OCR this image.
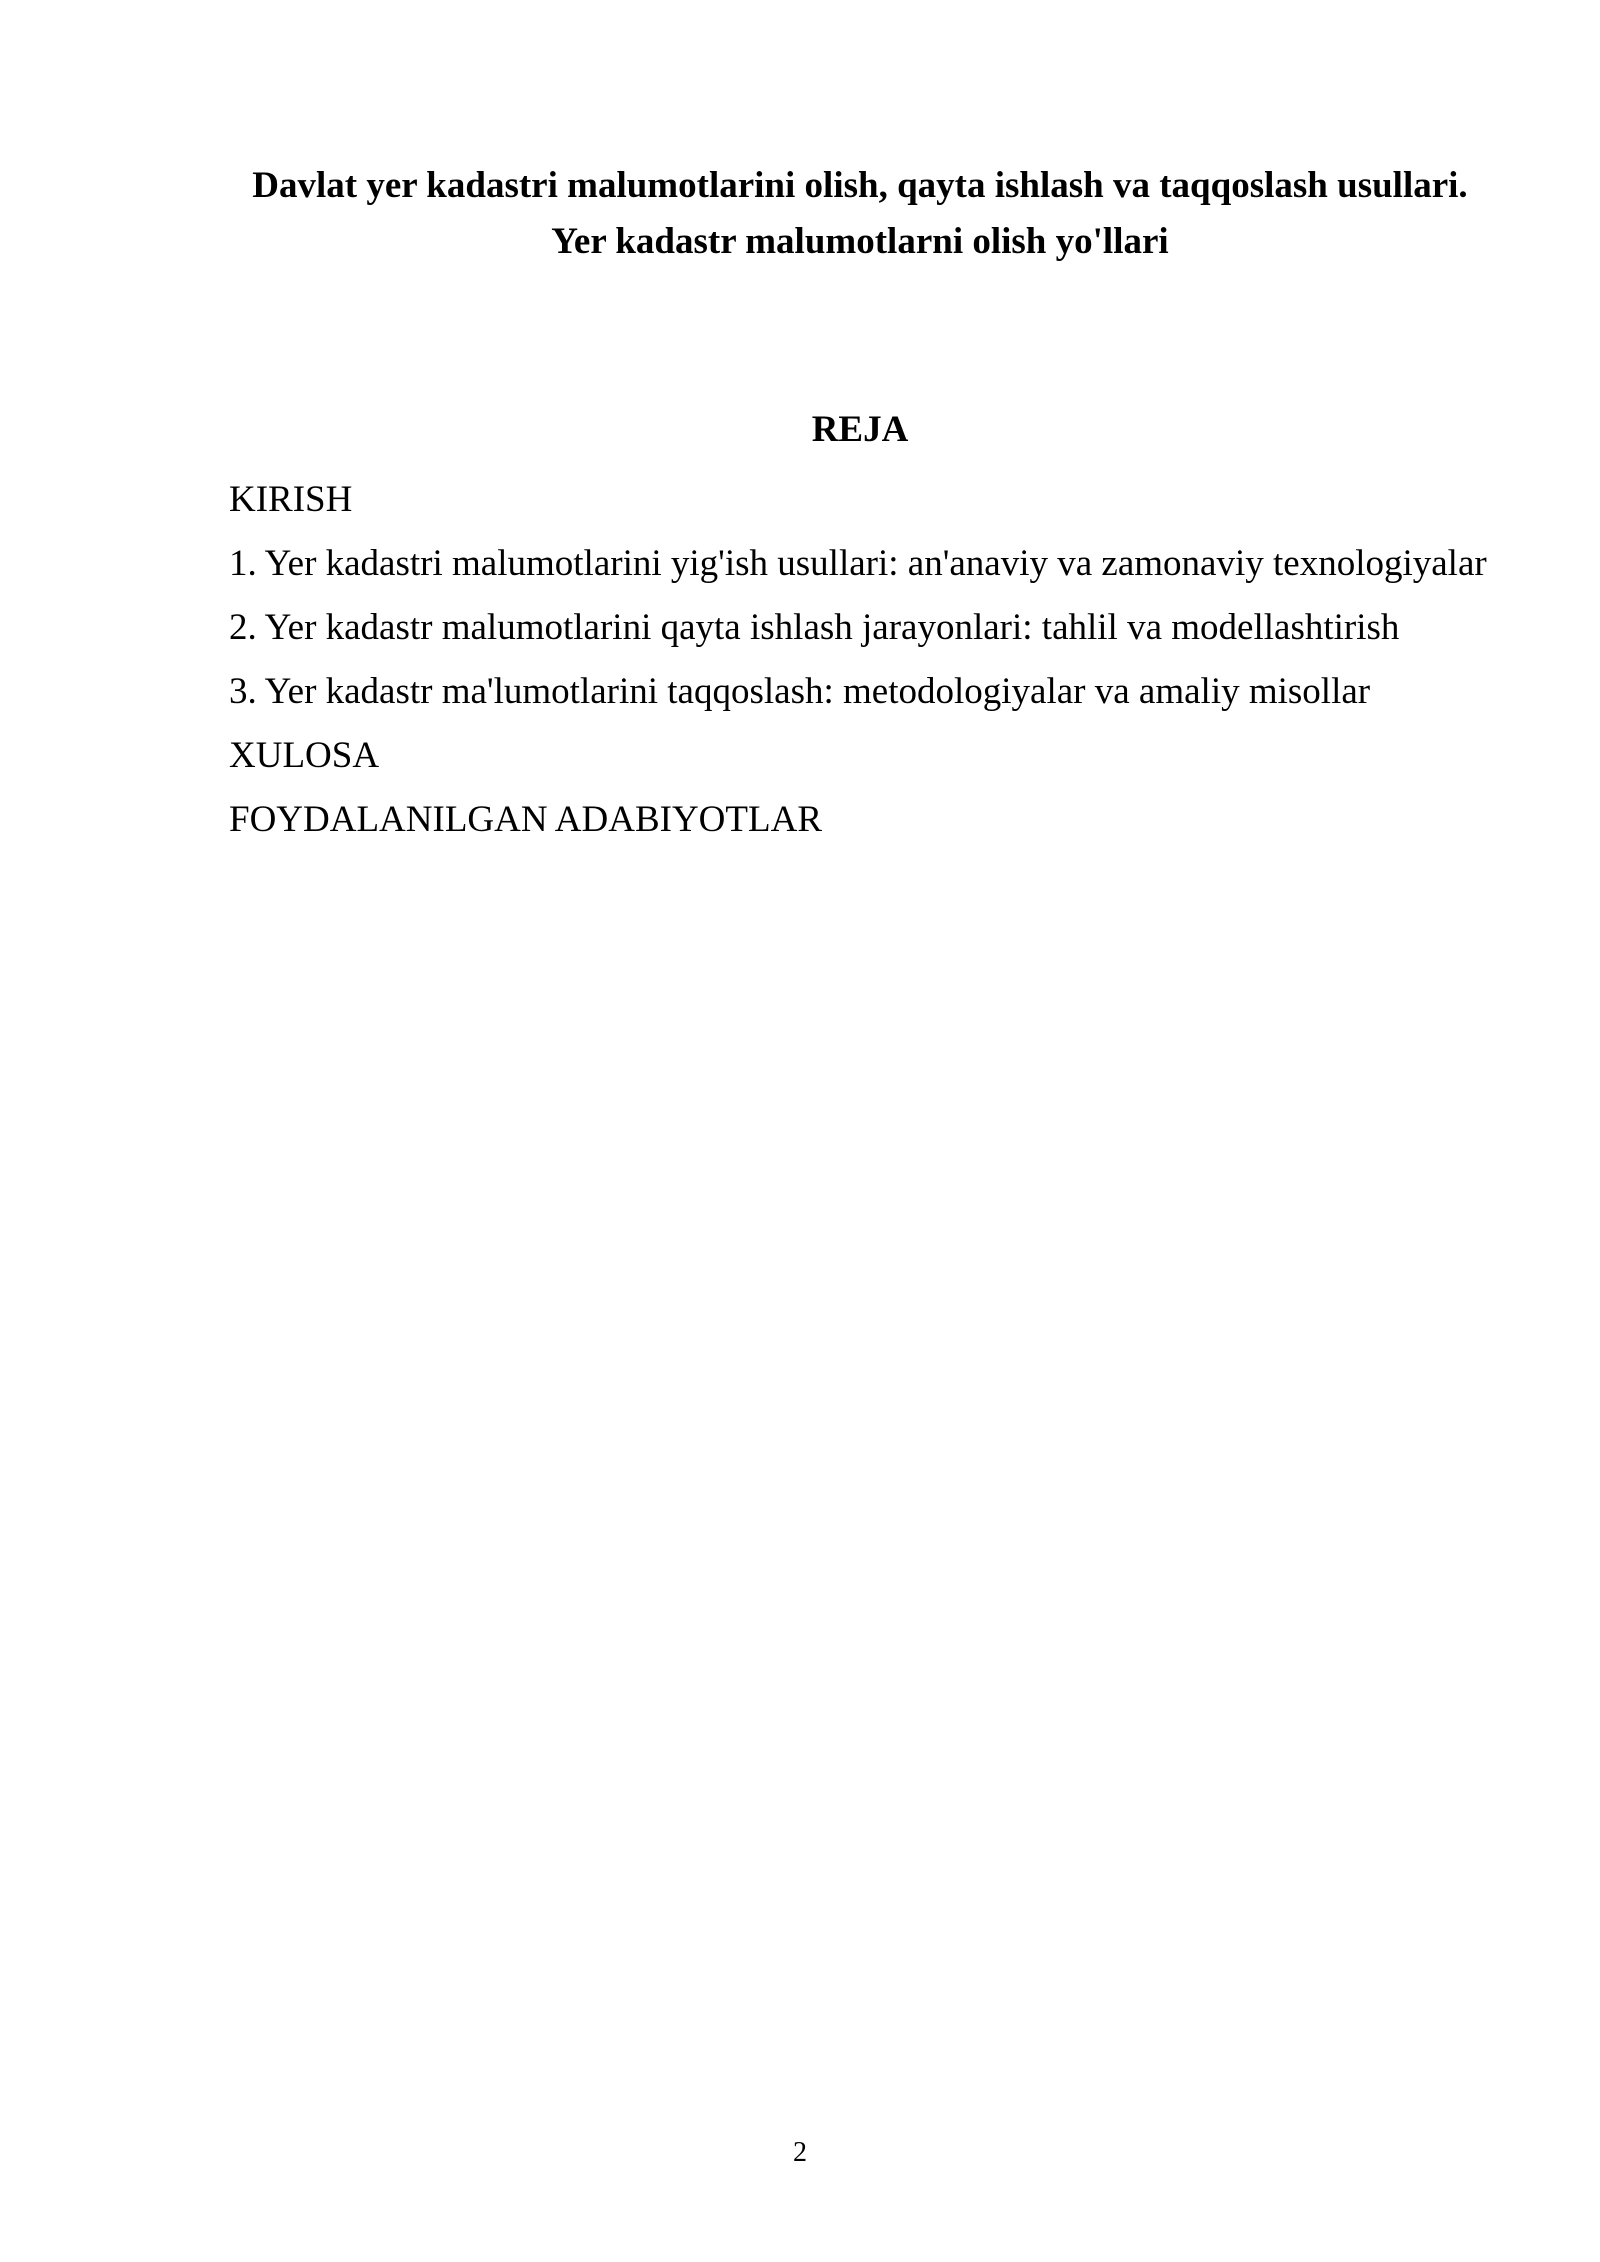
Davlat yer kadastri malumotlarini olish, qayta ishlash va taqqoslash usullari.
Yer kadastr malumotlarni olish yo'llari
REJA
KIRISH
1. Yer kadastri malumotlarini yig'ish usullari: an'anaviy va zamonaviy texnologiyalar
2. Yer kadastr malumotlarini qayta ishlash jarayonlari: tahlil va modellashtirish
3. Yer kadastr ma'lumotlarini taqqoslash: metodologiyalar va amaliy misollar
XULOSA
FOYDALANILGAN ADABIYOTLAR
2
